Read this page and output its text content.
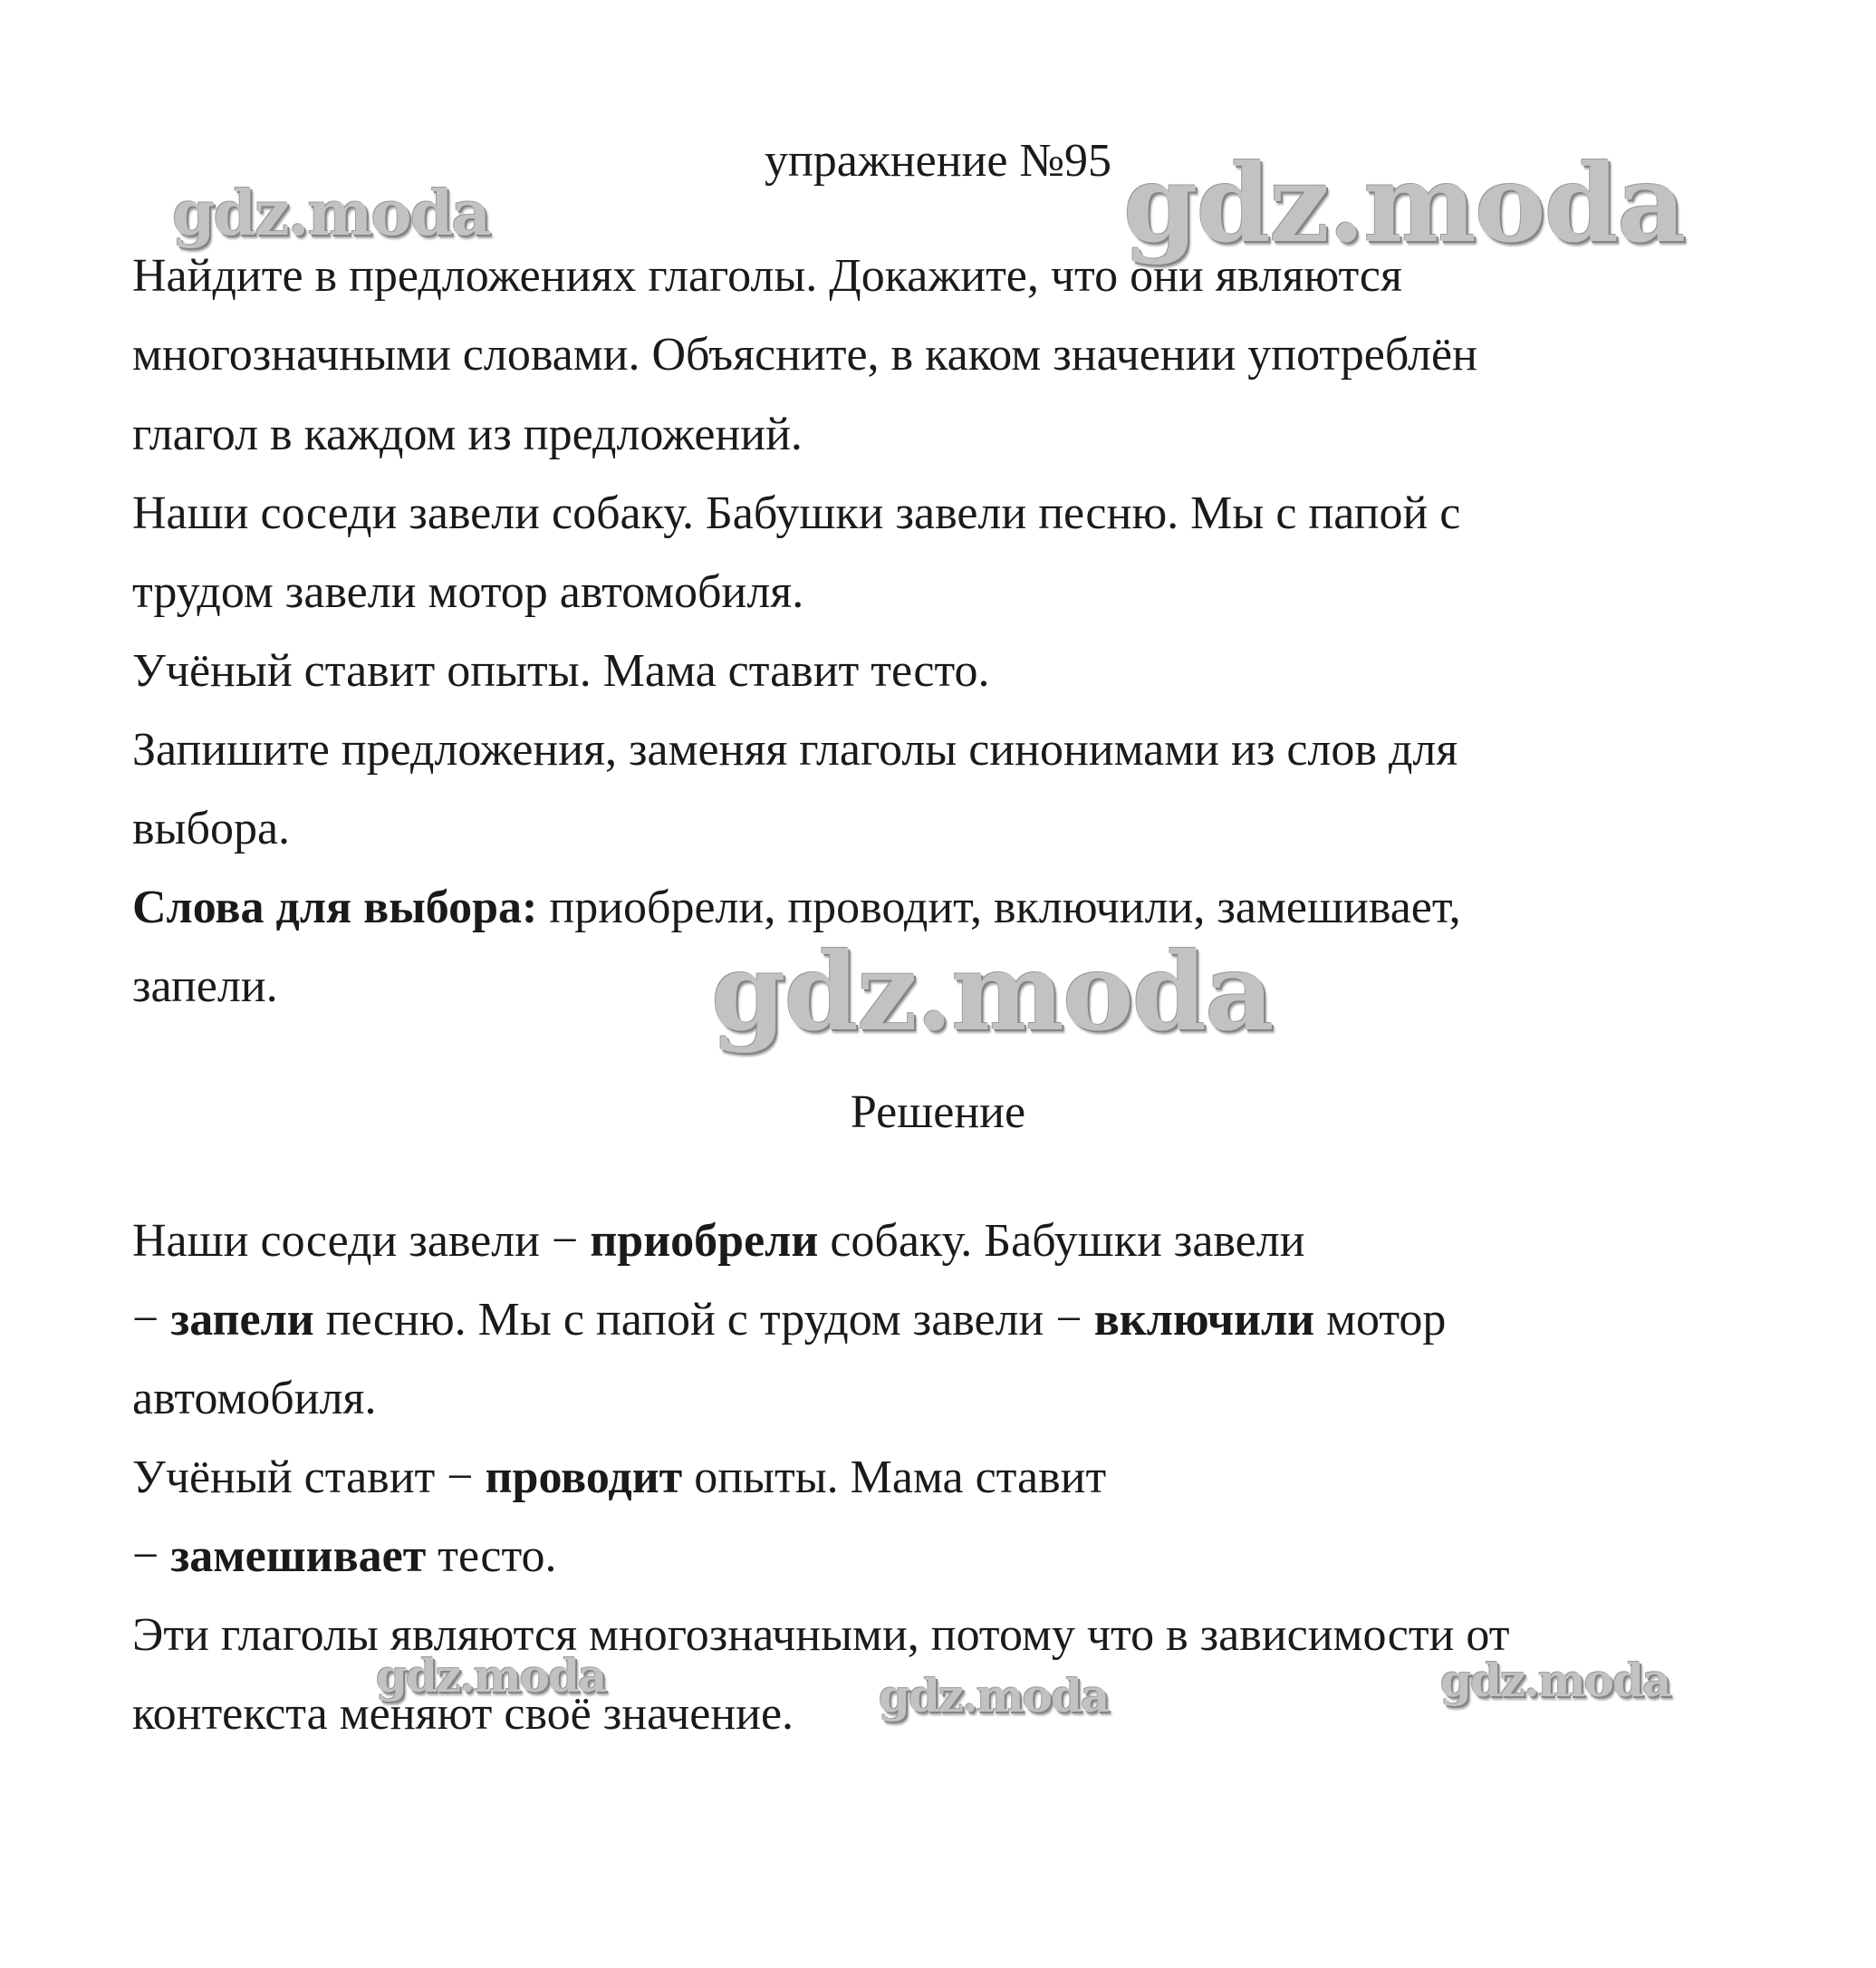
упражнение №95
Найдите в предложениях глаголы. Докажите, что они являются
многозначными словами. Объясните, в каком значении употреблён
глагол в каждом из предложений.
Наши соседи завели собаку. Бабушки завели песню. Мы с папой с
трудом завели мотор автомобиля.
Учёный ставит опыты. Мама ставит тесто.
Запишите предложения, заменяя глаголы синонимами из слов для
выбора.
Слова для выбора: приобрели, проводит, включили, замешивает,
запели.
Решение
Наши соседи завели − приобрели собаку. Бабушки завели
− запели песню. Мы с папой с трудом завели − включили мотор
автомобиля.
Учёный ставит − проводит опыты. Мама ставит
− замешивает тесто.
Эти глаголы являются многозначными, потому что в зависимости от
контекста меняют своё значение.
gdz.moda	gdz.moda
gdz.moda
gdz.moda	gdz.moda	gdz.moda
